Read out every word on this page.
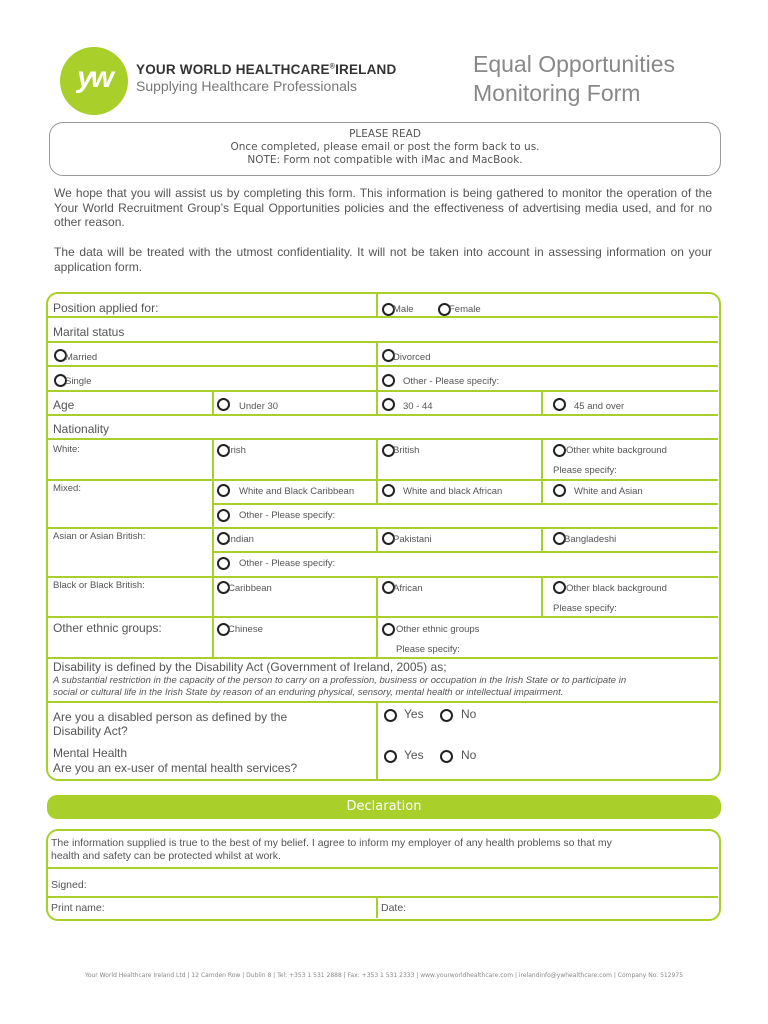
yw	YOUR WORLD HEALTHCARE®IRELAND
Supplying Healthcare Professionals
Equal Opportunities
Monitoring Form
PLEASE READ
Once completed, please email or post the form back to us.
NOTE: Form not compatible with iMac and MacBook.
We hope that you will assist us by completing this form. This information is being gathered to monitor the operation of the Your World Recruitment Group’s Equal Opportunities policies and the effectiveness of advertising media used, and for no other reason.
The data will be treated with the utmost confidentiality. It will not be taken into account in assessing information on your application form.
Position applied for:	Male	Female
Marital status
Married	Divorced
Single	Other - Please specify:
Age	Under 30	30 - 44	45 and over
Nationality
White:	Irish	British	Other white background
Please specify:
Mixed:	White and Black Caribbean	White and black African	White and Asian
Other - Please specify:
Asian or Asian British:	Indian	Pakistani	Bangladeshi
Other - Please specify:
Black or Black British:	Caribbean	African	Other black background
Please specify:
Other ethnic groups:	Chinese	Other ethnic groups
Please specify:
Disability is defined by the Disability Act (Government of Ireland, 2005) as;
A substantial restriction in the capacity of the person to carry on a profession, business or occupation in the Irish State or to participate in
social or cultural life in the Irish State by reason of an enduring physical, sensory, mental health or intellectual impairment.
Are you a disabled person as defined by the
Disability Act?
Yes	No
Mental Health
Are you an ex-user of mental health services?
Yes	No
Declaration
The information supplied is true to the best of my belief. I agree to inform my employer of any health problems so that my
health and safety can be protected whilst at work.
Signed:
Print name:	Date:
Your World Healthcare Ireland Ltd | 12 Camden Row | Dublin 8 | Tel: +353 1 531 2888 | Fax: +353 1 531 2333 | www.yourworldhealthcare.com | irelandinfo@ywhealthcare.com | Company No. 512975
